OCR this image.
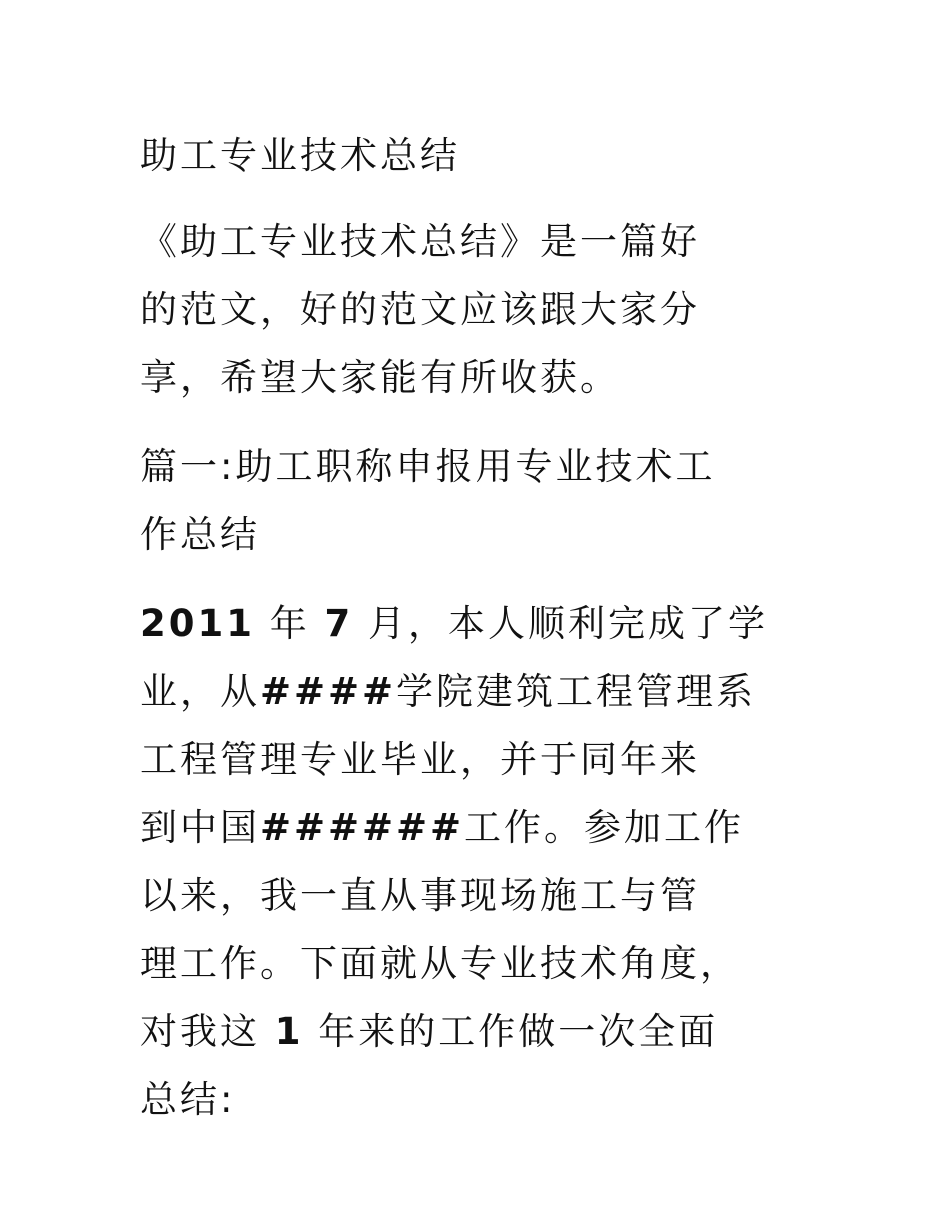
助工专业技术总结

《助工专业技术总结》是一篇好
的范文，好的范文应该跟大家分
享，希望大家能有所收获。

篇一:助工职称申报用专业技术工
作总结

2011 年 7 月，本人顺利完成了学
业，从####学院建筑工程管理系
工程管理专业毕业，并于同年来
到中国######工作。参加工作
以来，我一直从事现场施工与管
理工作。下面就从专业技术角度，
对我这 1 年来的工作做一次全面
总结:
